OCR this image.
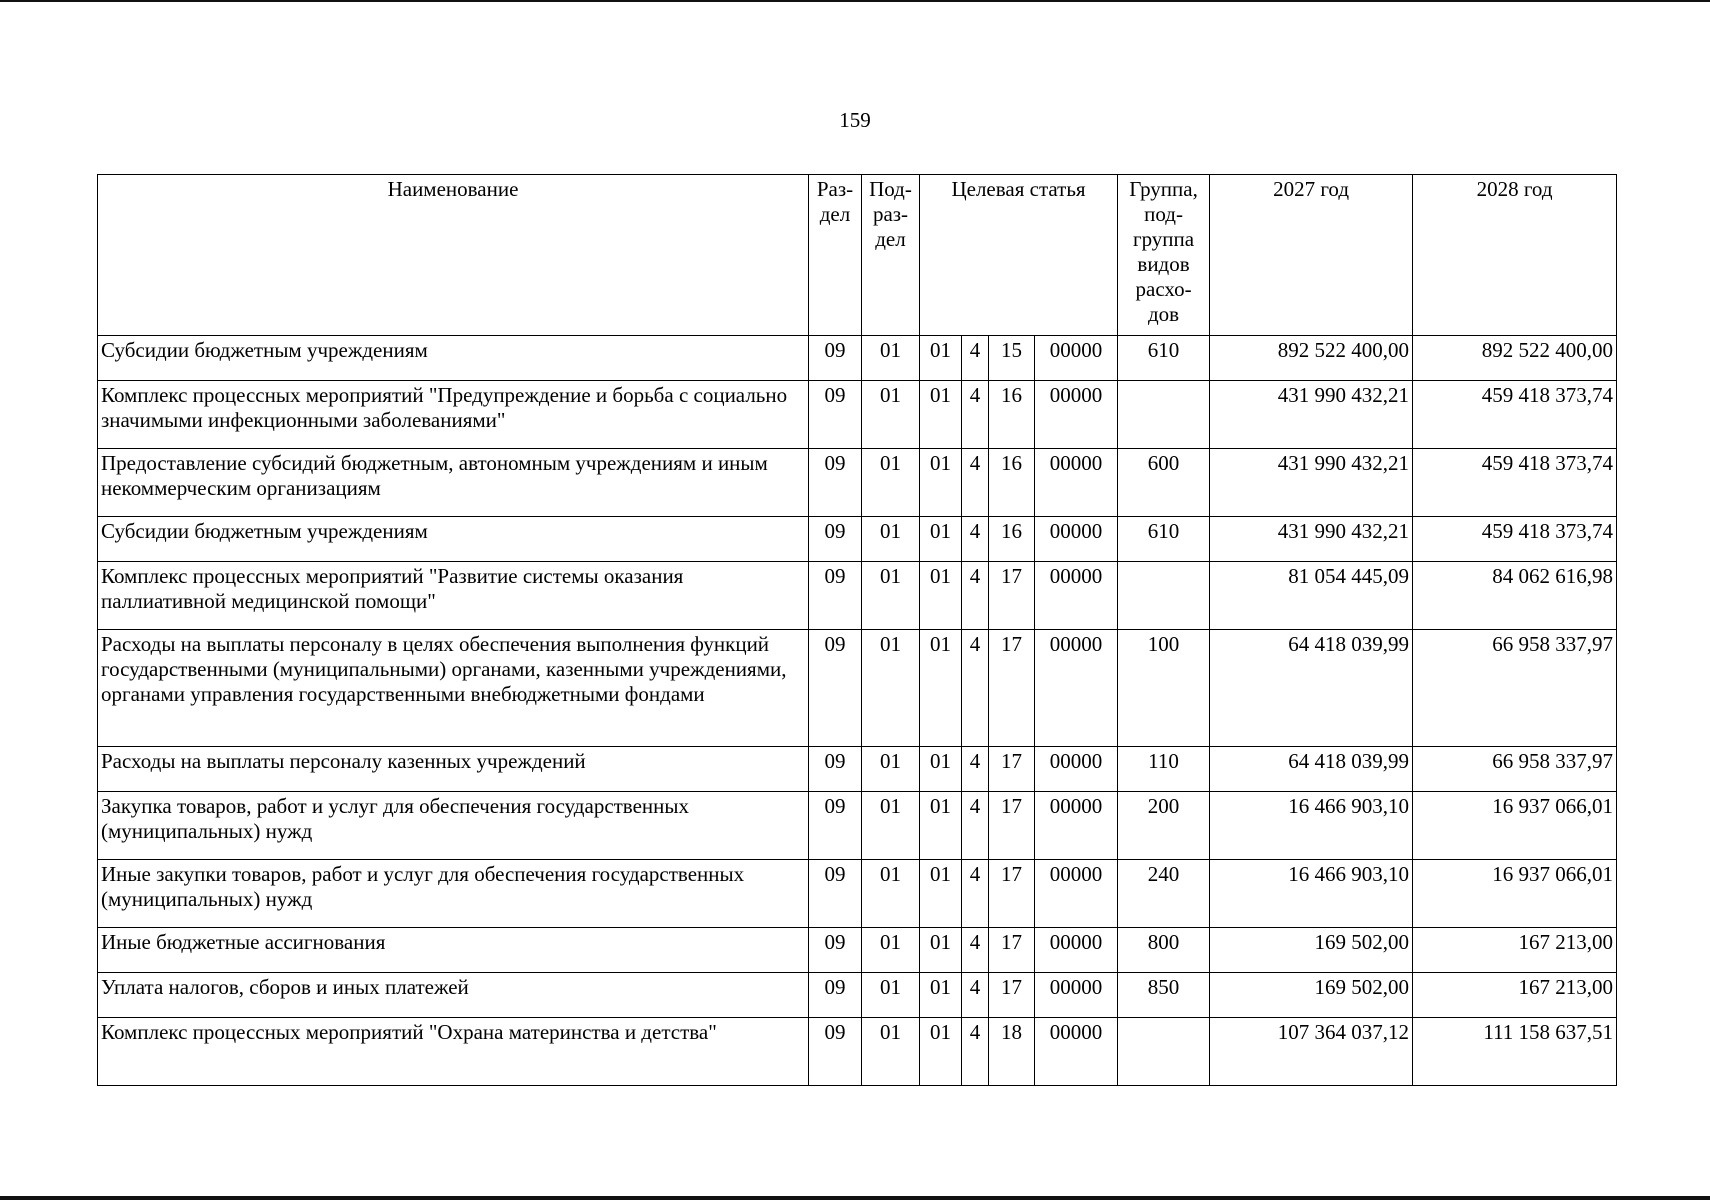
159
Наименование	Раз-дел	Под-раз-дел	Целевая статья				Группа, под-группа видов расхо-дов	2027 год	2028 год
Субсидии бюджетным учреждениям	09	01	01	4	15	00000	610	892 522 400,00	892 522 400,00
Комплекс процессных мероприятий "Предупреждение и борьба с социально значимыми инфекционными заболеваниями"	09	01	01	4	16	00000		431 990 432,21	459 418 373,74
Предоставление субсидий бюджетным, автономным учреждениям и иным некоммерческим организациям	09	01	01	4	16	00000	600	431 990 432,21	459 418 373,74
Субсидии бюджетным учреждениям	09	01	01	4	16	00000	610	431 990 432,21	459 418 373,74
Комплекс процессных мероприятий "Развитие системы оказания паллиативной медицинской помощи"	09	01	01	4	17	00000		81 054 445,09	84 062 616,98
Расходы на выплаты персоналу в целях обеспечения выполнения функций государственными (муниципальными) органами, казенными учреждениями, органами управления государственными внебюджетными фондами	09	01	01	4	17	00000	100	64 418 039,99	66 958 337,97
Расходы на выплаты персоналу казенных учреждений	09	01	01	4	17	00000	110	64 418 039,99	66 958 337,97
Закупка товаров, работ и услуг для обеспечения государственных (муниципальных) нужд	09	01	01	4	17	00000	200	16 466 903,10	16 937 066,01
Иные закупки товаров, работ и услуг для обеспечения государственных (муниципальных) нужд	09	01	01	4	17	00000	240	16 466 903,10	16 937 066,01
Иные бюджетные ассигнования	09	01	01	4	17	00000	800	169 502,00	167 213,00
Уплата налогов, сборов и иных платежей	09	01	01	4	17	00000	850	169 502,00	167 213,00
Комплекс процессных мероприятий "Охрана материнства и детства"	09	01	01	4	18	00000		107 364 037,12	111 158 637,51
